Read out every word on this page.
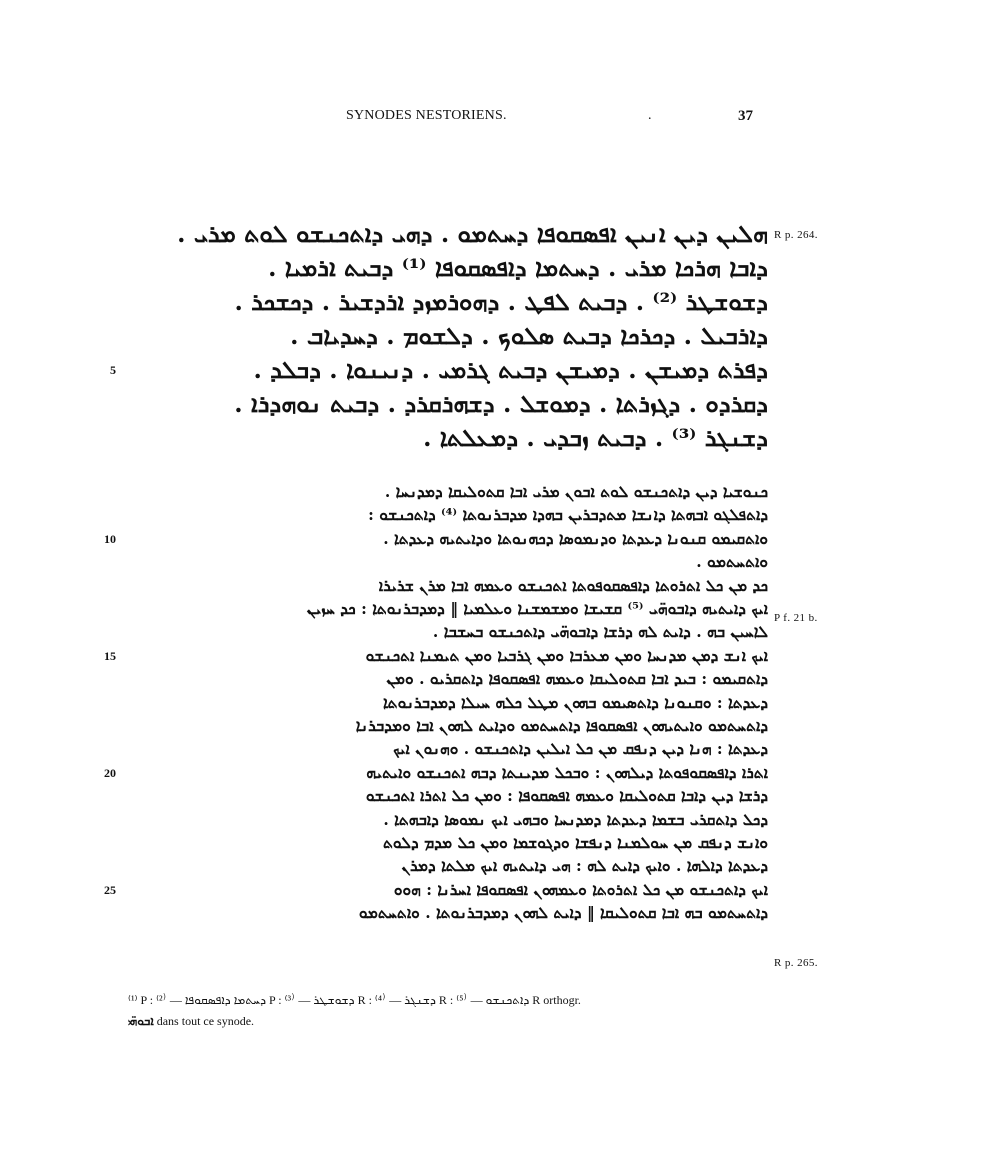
SYNODES NESTORIENS.	.	37
ܗܠܝܢ ܕܝܢ ܐܢܝܢ ܐܦܣܩܘܦܐ ܕܚܬܡܘ . ܕܗܝ ܕܐܬܟܢܫܘ ܠܘܬ ܡܪܝ .
ܕܐܒܐ ܗܪܟܐ ܡܪܝ . ܕܚܬܡܐ ܕܐܦܣܩܘܦܐ ⁽¹⁾ ܕܒܝܬ ܐܪܡܝܐ .
ܕܫܘܫܛܪ ⁽²⁾ . ܕܒܝܬ ܠܦܛ . ܕܗܘܪܡܙܕ ܐܪܕܫܝܪ . ܕܟܫܟܪ .
ܕܐܪܒܝܠ . ܕܟܪܟܐ ܕܒܝܬ ܣܠܘܟ . ܕܠܫܘܡ . ܕܚܕܝܐܒ .
ܕܦܪܬ ܕܡܝܫܢ . ܕܡܝܫܢ ܕܒܝܬ ܓܪܡܝ . ܕܢܝܢܘܐ . ܕܒܠܕ .
5
ܕܩܪܕܘ . ܕܓܙܪܬܐ . ܕܡܘܫܠ . ܕܫܗܪܩܪܕ . ܕܒܝܬ ܢܘܗܕܪܐ .
ܕܫܢܓܪ ⁽³⁾ . ܕܒܝܬ ܙܒܕܝ . ܕܡܥܠܬܐ .
ܟܢܘܫܝܐ ܕܝܢ ܕܐܬܟܢܫܘ ܠܘܬ ܐܒܘܢ ܡܪܝ ܐܒܐ ܩܬܘܠܝܩܐ ܕܡܕܢܚܐ .
ܕܐܬܦܠܓܘ ܐܒܗܬܐ ܕܐܢܫܐ ܡܬܕܒܪܝܢ ܒܗܕܐ ܡܕܒܪܢܘܬܐ ⁽⁴⁾ ܕܐܬܟܢܫܘ :
ܘܐܬܩܝܡܘ ܩܢܘܢܐ ܕܥܕܬܐ ܘܕܢܡܘܣܐ ܕܟܗܢܘܬܐ ܘܕܐܝܬܝܗ ܕܥܕܬܐ .
10
ܘܐܬܚܬܡܘ .
ܟܕ ܡܢ ܟܠ ܐܬܪܘܬܐ ܕܐܦܣܩܘܦܘܬܐ ܐܬܟܢܫܘ ܘܥܡܗ ܐܒܐ ܡܪܢ ܫܪܝܪܐ
ܐܝܟ ܕܐܝܬܝܗ ܕܐܒܘܗ̈ܝ ⁽⁵⁾ ܩܫܝܫܐ ܘܡܫܡܫܢܐ ܘܥܠܡܝܐ ‖ ܕܡܕܒܪܢܘܬܐ : ܟܕ ܚܙܝܢ
ܠܐܚܝܢ ܒܗ . ܕܐܝܬ ܠܗ ܕܪܫܐ ܕܐܒܘܗ̈ܝ ܕܐܬܟܢܫܘ ܒܚܫܒܐ .
ܐܝܟ ܐܢܫ ܕܡܢ ܡܕܢܚܐ ܘܡܢ ܡܥܪܒܐ ܘܡܢ ܓܪܒܝܐ ܘܡܢ ܬܝܡܢܐ ܐܬܟܢܫܘ
15
ܕܐܬܩܝܡܘ : ܒܝܕ ܐܒܐ ܩܬܘܠܝܩܐ ܘܥܡܗ ܐܦܣܩܘܦܐ ܕܐܬܩܪܝܘ . ܘܡܢ
ܕܥܕܬܐ : ܘܩܢܘܢܐ ܕܐܬܣܝܡܘ ܒܗܘܢ ܡܛܠ ܟܠܗ ܚܝܠܐ ܕܡܕܒܪܢܘܬܐ
ܕܐܬܚܬܡܘ ܘܐܝܬܝܗܘܢ ܐܦܣܩܘܦܐ ܕܐܬܚܬܡܘ ܘܕܐܝܬ ܠܗܘܢ ܐܒܐ ܘܡܕܒܪܢܐ
ܕܥܕܬܐ : ܗܢܐ ܕܝܢ ܕܢܦܩ ܡܢ ܟܠ ܐܝܠܝܢ ܕܐܬܟܢܫܘ . ܘܗܢܘܢ ܐܝܟ
ܐܬܪܐ ܕܐܦܣܩܘܦܘܬܐ ܕܝܠܗܘܢ : ܘܒܟܠ ܡܕܝܢܬܐ ܕܒܗ ܐܬܟܢܫܘ ܘܐܝܬܝܗ
20
ܕܪܫܐ ܕܝܢ ܕܐܒܐ ܩܬܘܠܝܩܐ ܘܥܡܗ ܐܦܣܩܘܦܐ : ܘܡܢ ܟܠ ܐܬܪܐ ܐܬܟܢܫܘ
ܕܟܠ ܕܐܬܩܪܝ ܒܫܡܐ ܕܥܕܬܐ ܕܡܕܢܚܐ ܘܒܗܝ ܐܝܟ ܢܡܘܣܐ ܕܐܒܗܬܐ .
ܘܐܢܫ ܕܢܦܩ ܡܢ ܚܘܠܡܢܐ ܕܢܦܫܐ ܘܕܓܘܫܡܐ ܘܡܢ ܟܠ ܡܕܡ ܕܠܘܬ
ܕܥܕܬܐ ܕܐܠܗܐ . ܘܐܝܟ ܕܐܝܬ ܠܗ : ܗܝ ܕܐܝܬܝܗ ܐܝܟ ܡܠܬܐ ܕܡܪܢ
ܐܝܟ ܕܐܬܟܢܫܘ ܡܢ ܟܠ ܐܬܪܘܬܐ ܘܥܡܗܘܢ ܐܦܣܩܘܦܐ ܐܚܪܢܐ : ܗܘܘ
25
ܕܐܬܚܬܡܘ ܒܗ ܐܒܐ ܩܬܘܠܝܩܐ ‖ ܕܐܝܬ ܠܗܘܢ ܕܡܕܒܪܢܘܬܐ . ܘܐܬܚܬܡܘ
R p. 264.
P f. 21 b.
R p. 265.
⁽¹⁾ P : ܕܚܬܡܐ ܕܐܦܣܩܘܦܐ — ⁽²⁾ P : ܕܫܘܫܛܪ — ⁽³⁾ R : ܕܫܢܓܪ — ⁽⁴⁾ R : ܕܐܬܟܢܫܘ — ⁽⁵⁾ R orthogr.
ܐܒܘܗ̈ܝ dans tout ce synode.
